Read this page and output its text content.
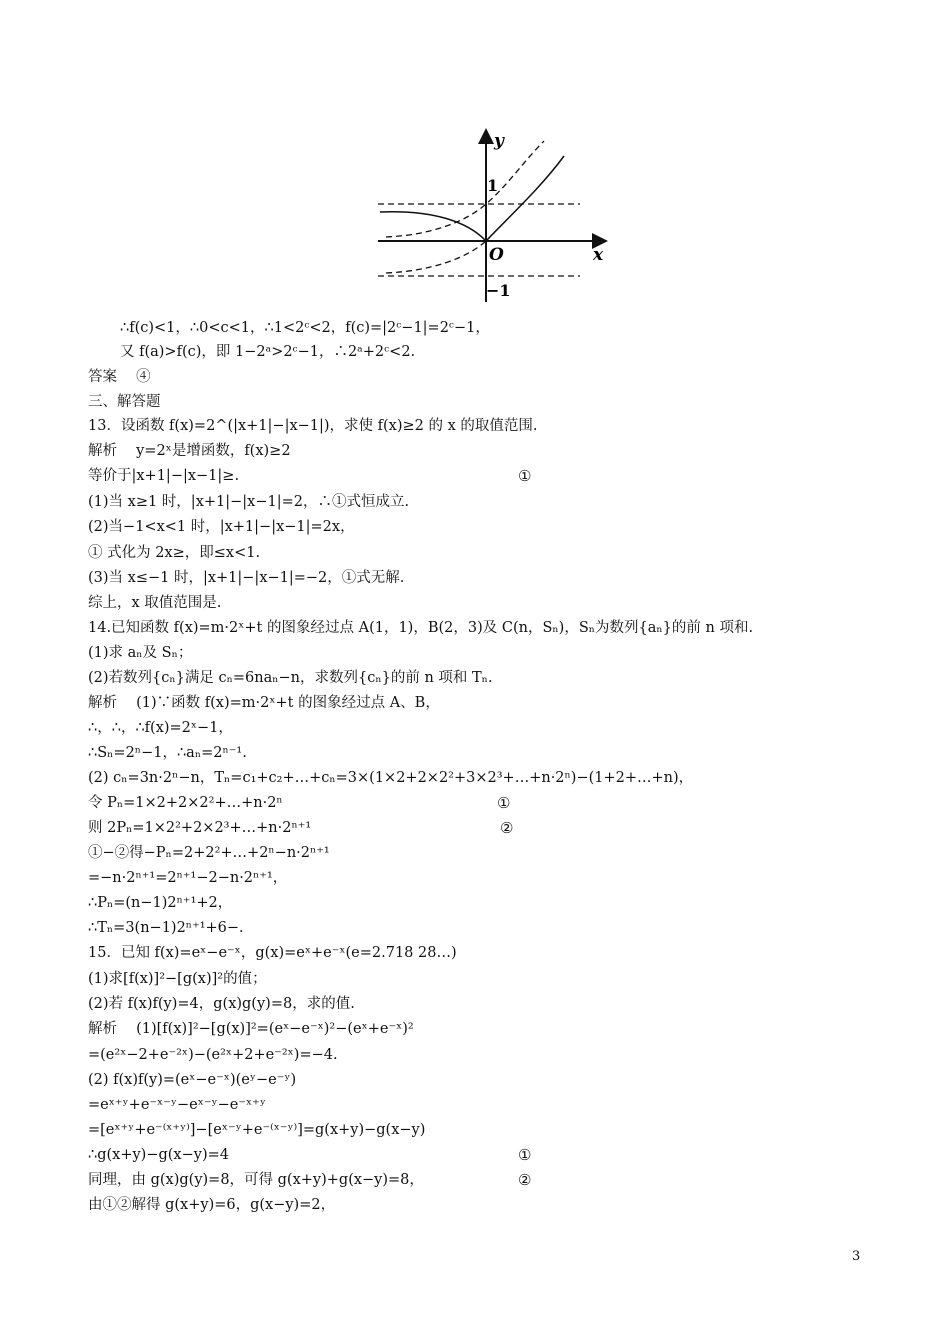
y
x
O
1
−1

∴f(c)<1，∴0<c<1，∴1<2ᶜ<2，f(c)=|2ᶜ−1|=2ᶜ−1，

又 f(a)>f(c)，即 1−2ᵃ>2ᶜ−1，∴2ᵃ+2ᶜ<2.

答案　 ④

三、解答题

13．设函数 f(x)=2^(|x+1|−|x−1|)，求使 f(x)≥2 的 x 的取值范围.

解析　 y=2ˣ是增函数，f(x)≥2

等价于|x+1|−|x−1|≥.

(1)当 x≥1 时，|x+1|−|x−1|=2，∴①式恒成立.

(2)当−1<x<1 时，|x+1|−|x−1|=2x，

① 式化为 2x≥，即≤x<1.

(3)当 x≤−1 时，|x+1|−|x−1|=−2，①式无解.

综上，x 取值范围是.

14.已知函数 f(x)=m·2ˣ+t 的图象经过点 A(1，1)，B(2，3)及 C(n，Sₙ)，Sₙ为数列{aₙ}的前 n 项和.

(1)求 aₙ及 Sₙ；

(2)若数列{cₙ}满足 cₙ=6naₙ−n，求数列{cₙ}的前 n 项和 Tₙ.

解析　 (1)∵函数 f(x)=m·2ˣ+t 的图象经过点 A、B，

∴，∴，∴f(x)=2ˣ−1，

∴Sₙ=2ⁿ−1，∴aₙ=2ⁿ⁻¹.

(2) cₙ=3n·2ⁿ−n，Tₙ=c₁+c₂+…+cₙ=3×(1×2+2×2²+3×2³+…+n·2ⁿ)−(1+2+…+n)，

令 Pₙ=1×2+2×2²+…+n·2ⁿ

则 2Pₙ=1×2²+2×2³+…+n·2ⁿ⁺¹

①−②得−Pₙ=2+2²+…+2ⁿ−n·2ⁿ⁺¹

=−n·2ⁿ⁺¹=2ⁿ⁺¹−2−n·2ⁿ⁺¹，

∴Pₙ=(n−1)2ⁿ⁺¹+2，

∴Tₙ=3(n−1)2ⁿ⁺¹+6−.

15．已知 f(x)=eˣ−e⁻ˣ，g(x)=eˣ+e⁻ˣ(e=2.718 28…)

(1)求[f(x)]²−[g(x)]²的值；

(2)若 f(x)f(y)=4，g(x)g(y)=8，求的值.

解析　 (1)[f(x)]²−[g(x)]²=(eˣ−e⁻ˣ)²−(eˣ+e⁻ˣ)²

=(e²ˣ−2+e⁻²ˣ)−(e²ˣ+2+e⁻²ˣ)=−4.

(2) f(x)f(y)=(eˣ−e⁻ˣ)(eʸ−e⁻ʸ)

=eˣ⁺ʸ+e⁻ˣ⁻ʸ−eˣ⁻ʸ−e⁻ˣ⁺ʸ

=[eˣ⁺ʸ+e⁻⁽ˣ⁺ʸ⁾]−[eˣ⁻ʸ+e⁻⁽ˣ⁻ʸ⁾]=g(x+y)−g(x−y)

∴g(x+y)−g(x−y)=4

同理，由 g(x)g(y)=8，可得 g(x+y)+g(x−y)=8，

由①②解得 g(x+y)=6，g(x−y)=2，

①
①
②
①
②
3
